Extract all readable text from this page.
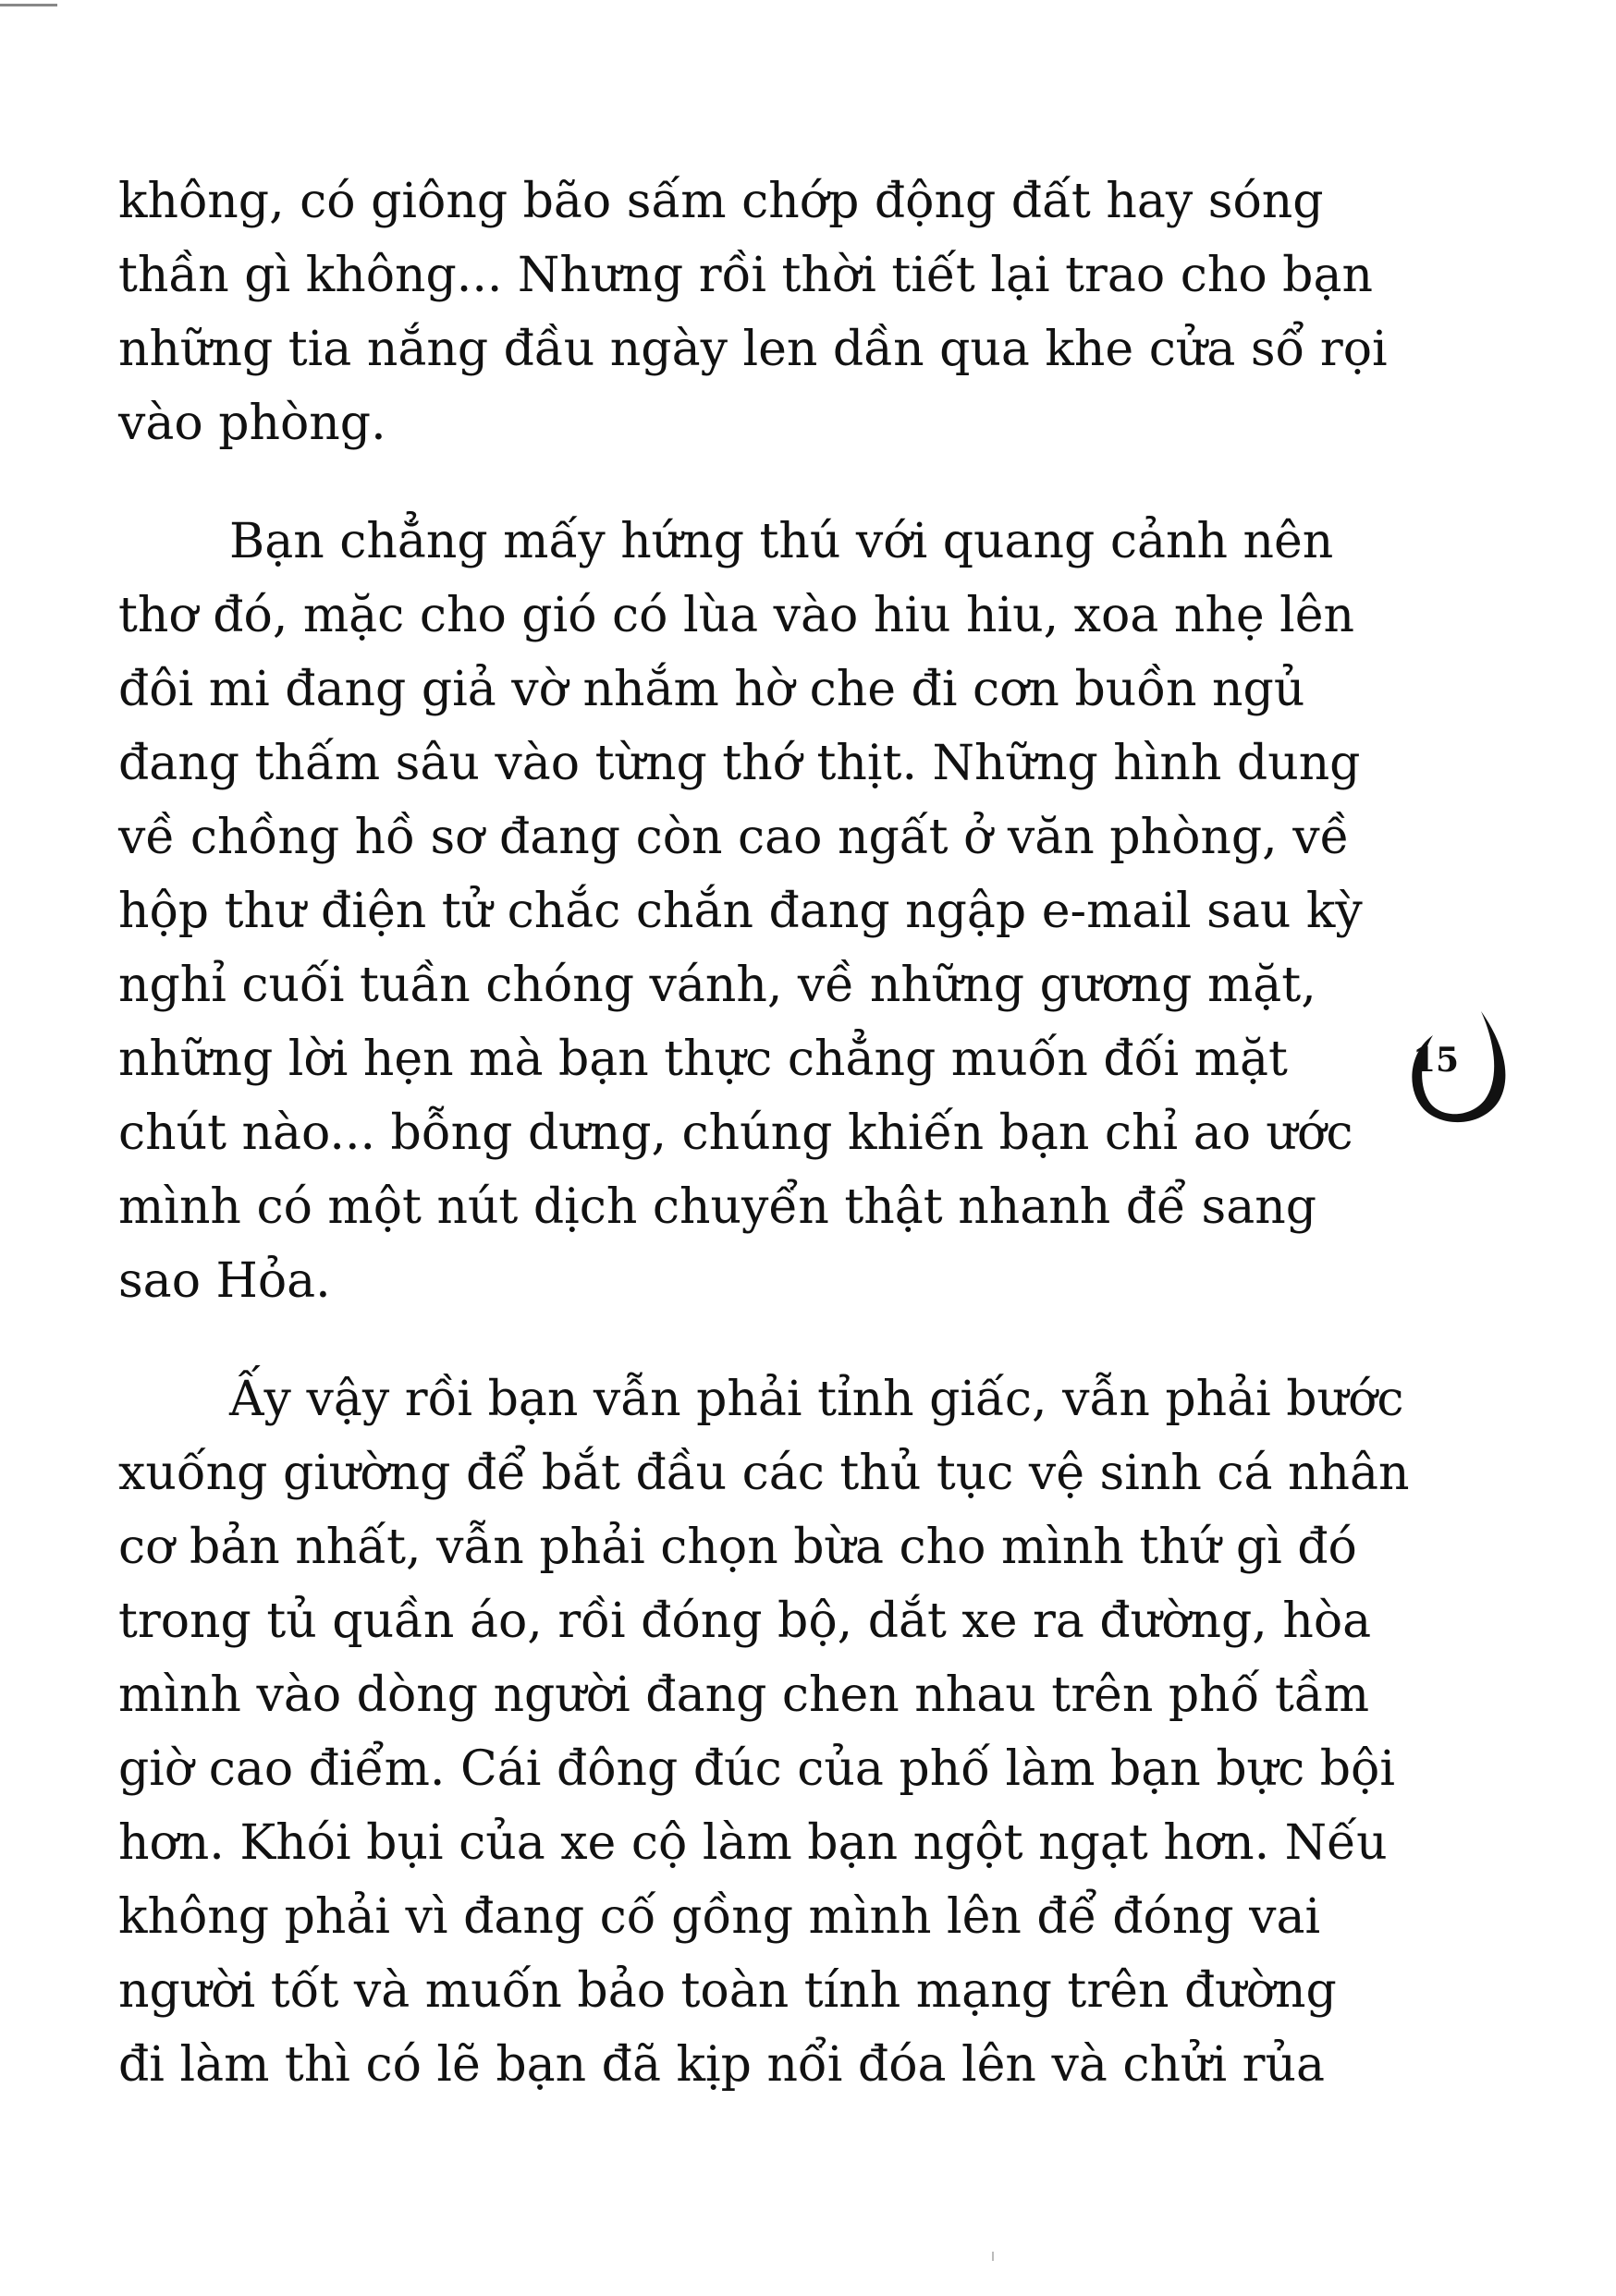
không, có giông bão sấm chớp động đất hay sóng
thần gì không... Nhưng rồi thời tiết lại trao cho bạn
những tia nắng đầu ngày len dần qua khe cửa sổ rọi
vào phòng.
Bạn chẳng mấy hứng thú với quang cảnh nên
thơ đó, mặc cho gió có lùa vào hiu hiu, xoa nhẹ lên
đôi mi đang giả vờ nhắm hờ che đi cơn buồn ngủ
đang thấm sâu vào từng thớ thịt. Những hình dung
về chồng hồ sơ đang còn cao ngất ở văn phòng, về
hộp thư điện tử chắc chắn đang ngập e-mail sau kỳ
nghỉ cuối tuần chóng vánh, về những gương mặt,
những lời hẹn mà bạn thực chẳng muốn đối mặt
chút nào... bỗng dưng, chúng khiến bạn chỉ ao ước
mình có một nút dịch chuyển thật nhanh để sang
sao Hỏa.
Ấy vậy rồi bạn vẫn phải tỉnh giấc, vẫn phải bước
xuống giường để bắt đầu các thủ tục vệ sinh cá nhân
cơ bản nhất, vẫn phải chọn bừa cho mình thứ gì đó
trong tủ quần áo, rồi đóng bộ, dắt xe ra đường, hòa
mình vào dòng người đang chen nhau trên phố tầm
giờ cao điểm. Cái đông đúc của phố làm bạn bực bội
hơn. Khói bụi của xe cộ làm bạn ngột ngạt hơn. Nếu
không phải vì đang cố gồng mình lên để đóng vai
người tốt và muốn bảo toàn tính mạng trên đường
đi làm thì có lẽ bạn đã kịp nổi đóa lên và chửi rủa
15
